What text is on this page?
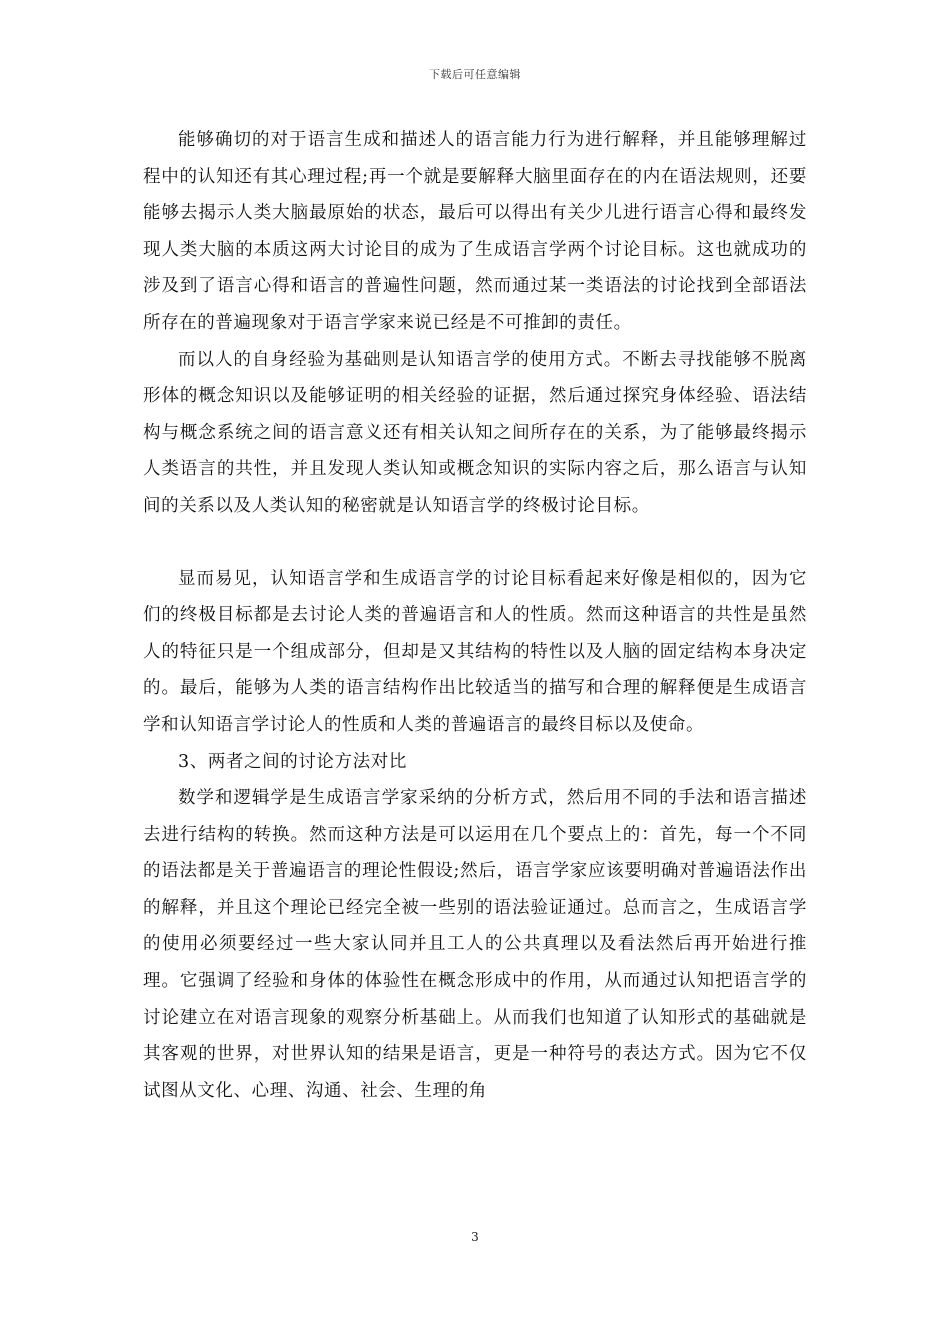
下载后可任意编辑

能够确切的对于语言生成和描述人的语言能力行为进行解释，并且能够理解过程中的认知还有其心理过程;再一个就是要解释大脑里面存在的内在语法规则，还要能够去揭示人类大脑最原始的状态，最后可以得出有关少儿进行语言心得和最终发现人类大脑的本质这两大讨论目的成为了生成语言学两个讨论目标。这也就成功的涉及到了语言心得和语言的普遍性问题，然而通过某一类语法的讨论找到全部语法所存在的普遍现象对于语言学家来说已经是不可推卸的责任。

而以人的自身经验为基础则是认知语言学的使用方式。不断去寻找能够不脱离形体的概念知识以及能够证明的相关经验的证据，然后通过探究身体经验、语法结构与概念系统之间的语言意义还有相关认知之间所存在的关系，为了能够最终揭示人类语言的共性，并且发现人类认知或概念知识的实际内容之后，那么语言与认知间的关系以及人类认知的秘密就是认知语言学的终极讨论目标。

显而易见，认知语言学和生成语言学的讨论目标看起来好像是相似的，因为它们的终极目标都是去讨论人类的普遍语言和人的性质。然而这种语言的共性是虽然人的特征只是一个组成部分，但却是又其结构的特性以及人脑的固定结构本身决定的。最后，能够为人类的语言结构作出比较适当的描写和合理的解释便是生成语言学和认知语言学讨论人的性质和人类的普遍语言的最终目标以及使命。

3、两者之间的讨论方法对比

数学和逻辑学是生成语言学家采纳的分析方式，然后用不同的手法和语言描述去进行结构的转换。然而这种方法是可以运用在几个要点上的：首先，每一个不同的语法都是关于普遍语言的理论性假设;然后，语言学家应该要明确对普遍语法作出的解释，并且这个理论已经完全被一些别的语法验证通过。总而言之，生成语言学的使用必须要经过一些大家认同并且工人的公共真理以及看法然后再开始进行推理。它强调了经验和身体的体验性在概念形成中的作用，从而通过认知把语言学的讨论建立在对语言现象的观察分析基础上。从而我们也知道了认知形式的基础就是其客观的世界，对世界认知的结果是语言，更是一种符号的表达方式。因为它不仅试图从文化、心理、沟通、社会、生理的角

3
